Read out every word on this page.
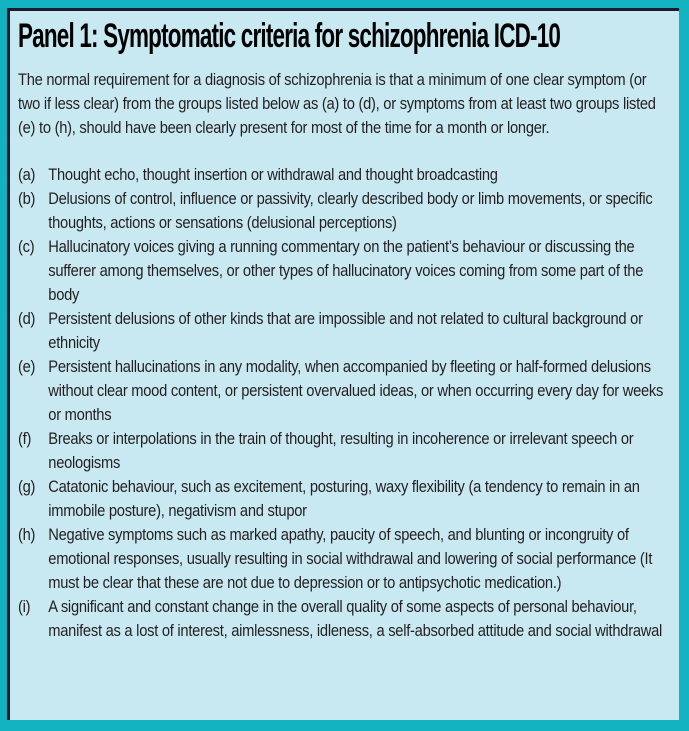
Panel 1: Symptomatic criteria for schizophrenia ICD-10

The normal requirement for a diagnosis of schizophrenia is that a minimum of one clear symptom (or two if less clear) from the groups listed below as (a) to (d), or symptoms from at least two groups listed (e) to (h), should have been clearly present for most of the time for a month or longer.

(a) Thought echo, thought insertion or withdrawal and thought broadcasting
(b) Delusions of control, influence or passivity, clearly described body or limb movements, or specific thoughts, actions or sensations (delusional perceptions)
(c) Hallucinatory voices giving a running commentary on the patient’s behaviour or discussing the sufferer among themselves, or other types of hallucinatory voices coming from some part of the body
(d) Persistent delusions of other kinds that are impossible and not related to cultural background or ethnicity
(e) Persistent hallucinations in any modality, when accompanied by fleeting or half-formed delusions without clear mood content, or persistent overvalued ideas, or when occurring every day for weeks or months
(f)	Breaks or interpolations in the train of thought, resulting in incoherence or irrelevant speech or neologisms
(g) Catatonic behaviour, such as excitement, posturing, waxy flexibility (a tendency to remain in an immobile posture), negativism and stupor
(h) Negative symptoms such as marked apathy, paucity of speech, and blunting or incongruity of emotional responses, usually resulting in social withdrawal and lowering of social performance (It must be clear that these are not due to depression or to antipsychotic medication.)
(i)	A significant and constant change in the overall quality of some aspects of personal behaviour, manifest as a lost of interest, aimlessness, idleness, a self-absorbed attitude and social withdrawal
